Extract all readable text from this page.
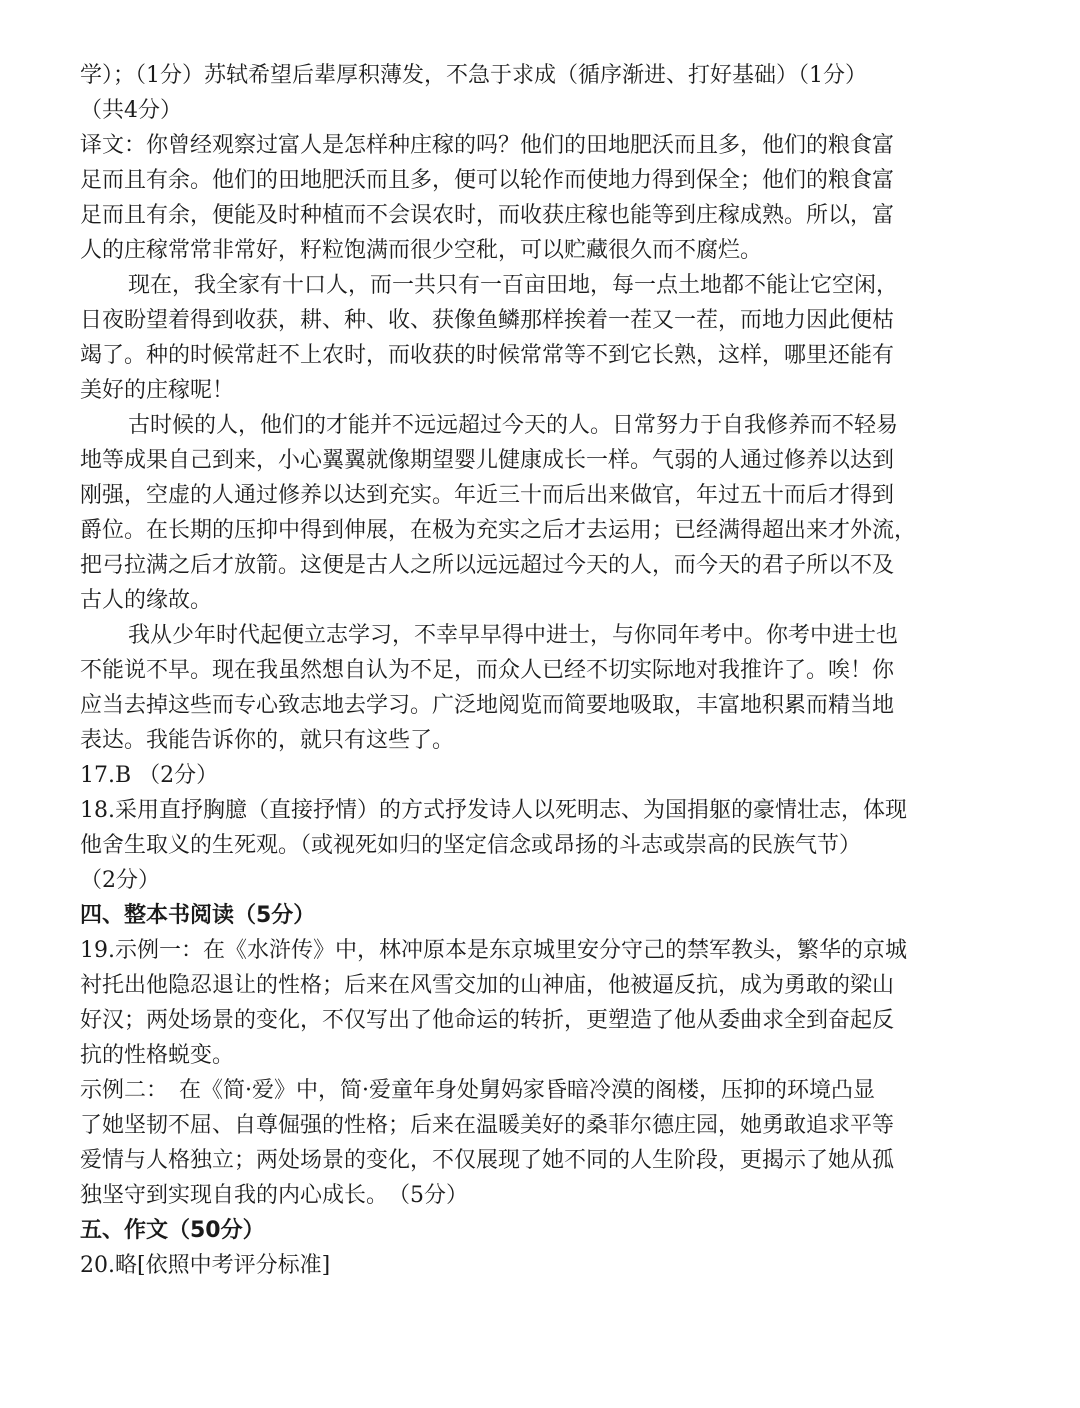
学）；（1分）苏轼希望后辈厚积薄发，不急于求成（循序渐进、打好基础）（1分）
（共4分）
译文：你曾经观察过富人是怎样种庄稼的吗？他们的田地肥沃而且多，他们的粮食富
足而且有余。他们的田地肥沃而且多，便可以轮作而使地力得到保全；他们的粮食富
足而且有余，便能及时种植而不会误农时，而收获庄稼也能等到庄稼成熟。所以，富
人的庄稼常常非常好，籽粒饱满而很少空秕，可以贮藏很久而不腐烂。
现在，我全家有十口人，而一共只有一百亩田地，每一点土地都不能让它空闲，
日夜盼望着得到收获，耕、种、收、获像鱼鳞那样挨着一茬又一茬，而地力因此便枯
竭了。种的时候常赶不上农时，而收获的时候常常等不到它长熟，这样，哪里还能有
美好的庄稼呢！
古时候的人，他们的才能并不远远超过今天的人。日常努力于自我修养而不轻易
地等成果自己到来，小心翼翼就像期望婴儿健康成长一样。气弱的人通过修养以达到
刚强，空虚的人通过修养以达到充实。年近三十而后出来做官，年过五十而后才得到
爵位。在长期的压抑中得到伸展，在极为充实之后才去运用；已经满得超出来才外流，
把弓拉满之后才放箭。这便是古人之所以远远超过今天的人，而今天的君子所以不及
古人的缘故。
我从少年时代起便立志学习，不幸早早得中进士，与你同年考中。你考中进士也
不能说不早。现在我虽然想自认为不足，而众人已经不切实际地对我推许了。唉！你
应当去掉这些而专心致志地去学习。广泛地阅览而简要地吸取，丰富地积累而精当地
表达。我能告诉你的，就只有这些了。
17.B （2分）
18.采用直抒胸臆（直接抒情）的方式抒发诗人以死明志、为国捐躯的豪情壮志，体现
他舍生取义的生死观。（或视死如归的坚定信念或昂扬的斗志或崇高的民族气节）
（2分）
四、整本书阅读（5分）
19.示例一：在《水浒传》中，林冲原本是东京城里安分守己的禁军教头，繁华的京城
衬托出他隐忍退让的性格；后来在风雪交加的山神庙，他被逼反抗，成为勇敢的梁山
好汉；两处场景的变化，不仅写出了他命运的转折，更塑造了他从委曲求全到奋起反
抗的性格蜕变。
示例二：　在《简·爱》中，简·爱童年身处舅妈家昏暗冷漠的阁楼，压抑的环境凸显
了她坚韧不屈、自尊倔强的性格；后来在温暖美好的桑菲尔德庄园，她勇敢追求平等
爱情与人格独立；两处场景的变化，不仅展现了她不同的人生阶段，更揭示了她从孤
独坚守到实现自我的内心成长。　（5分）
五、作文（50分）
20.略[依照中考评分标准]
